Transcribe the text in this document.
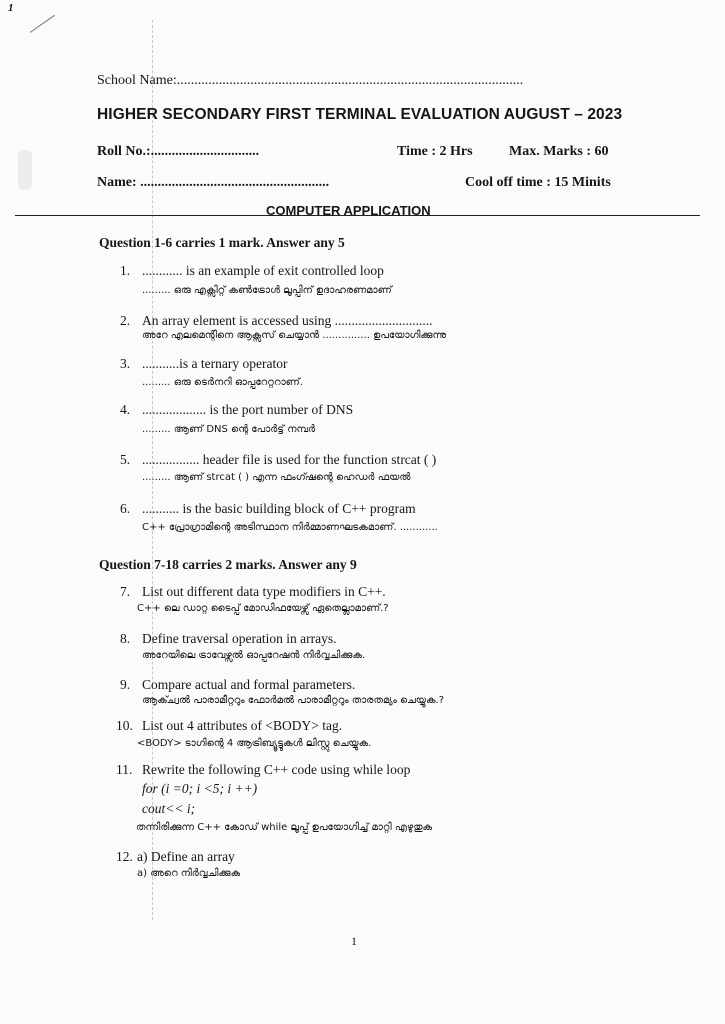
1
School Name:...................................................................................................
HIGHER SECONDARY FIRST TERMINAL EVALUATION AUGUST – 2023
Roll No.:...............................	Time : 2 Hrs	Max. Marks : 60
Name: ......................................................	Cool off time : 15 Minits
COMPUTER APPLICATION
Question 1-6 carries 1 mark. Answer any 5
1. ............ is an example of exit controlled loop
......... ഒരു എക്സിറ്റ് കൺട്രോൾ ലൂപ്പിന് ഉദാഹരണമാണ്
2. An array element is accessed using .............................
അറേ എലമെന്റിനെ ആക്സസ് ചെയ്യാൻ ............... ഉപയോഗിക്കുന്നു
3. ...........is a ternary operator
......... ഒരു ടെർനറി ഓപ്പറേറ്ററാണ്.
4. ................... is the port number of DNS
......... ആണ് DNS ന്റെ പോർട്ട് നമ്പർ
5. ................. header file is used for the function strcat ( )
......... ആണ് strcat ( ) എന്ന ഫംഗ്ഷന്റെ ഹെഡർ ഫയൽ
6. ........... is the basic building block of C++ program
C++ പ്രോഗ്രാമിന്റെ അടിസ്ഥാന നിർമ്മാണഘടകമാണ്. ............
Question 7-18 carries 2 marks. Answer any 9
7. List out different data type modifiers in C++.
C++ ലെ ഡാറ്റ ടൈപ്പ് മോഡിഫയേഴ്സ് ഏതെല്ലാമാണ്.?
8. Define traversal operation in arrays.
അറേയിലെ ട്രാവേഴ്സൽ ഓപ്പറേഷൻ നിർവ്വചിക്കുക.
9. Compare actual and formal parameters.
ആക്ച്വൽ പാരാമീറ്ററും ഫോർമൽ പാരാമീറ്ററും താരതമ്യം ചെയ്യുക.?
10. List out 4 attributes of <BODY> tag.
<BODY> ടാഗിന്റെ 4 ആട്രിബ്യൂട്ടുകൾ ലിസ്റ്റു ചെയ്യുക.
11. Rewrite the following C++ code using while loop
for (i =0; i <5; i ++)
cout<< i;
തന്നിരിക്കുന്ന C++ കോഡ് while ലൂപ്പ് ഉപയോഗിച്ച് മാറ്റി എഴുതുക
12. a) Define an array
a) അറെ നിർവ്വചിക്കുക
1
